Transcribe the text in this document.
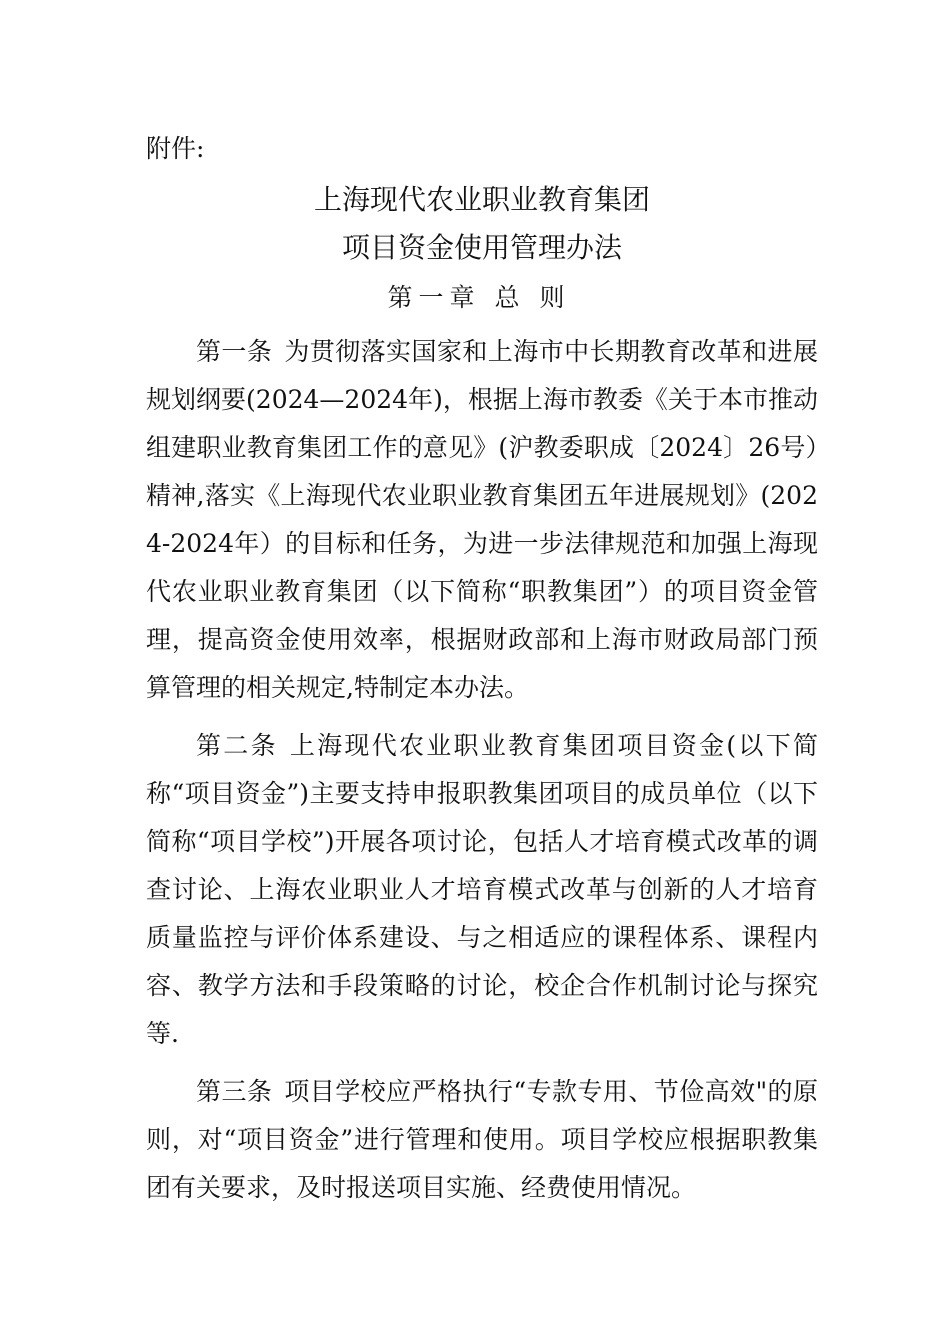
附件:
上海现代农业职业教育集团
项目资金使用管理办法
第一章 总 则

第一条 为贯彻落实国家和上海市中长期教育改革和进展规划纲要(2024—2024年)，根据上海市教委《关于本市推动组建职业教育集团工作的意见》(沪教委职成〔2024〕26号）精神,落实《上海现代农业职业教育集团五年进展规划》(2024-2024年）的目标和任务，为进一步法律规范和加强上海现代农业职业教育集团（以下简称“职教集团”）的项目资金管理，提高资金使用效率，根据财政部和上海市财政局部门预算管理的相关规定,特制定本办法。

第二条 上海现代农业职业教育集团项目资金(以下简称“项目资金”)主要支持申报职教集团项目的成员单位（以下简称“项目学校”)开展各项讨论，包括人才培育模式改革的调查讨论、上海农业职业人才培育模式改革与创新的人才培育质量监控与评价体系建设、与之相适应的课程体系、课程内容、教学方法和手段策略的讨论，校企合作机制讨论与探究等.

第三条 项目学校应严格执行“专款专用、节俭高效"的原则，对“项目资金”进行管理和使用。项目学校应根据职教集团有关要求，及时报送项目实施、经费使用情况。
